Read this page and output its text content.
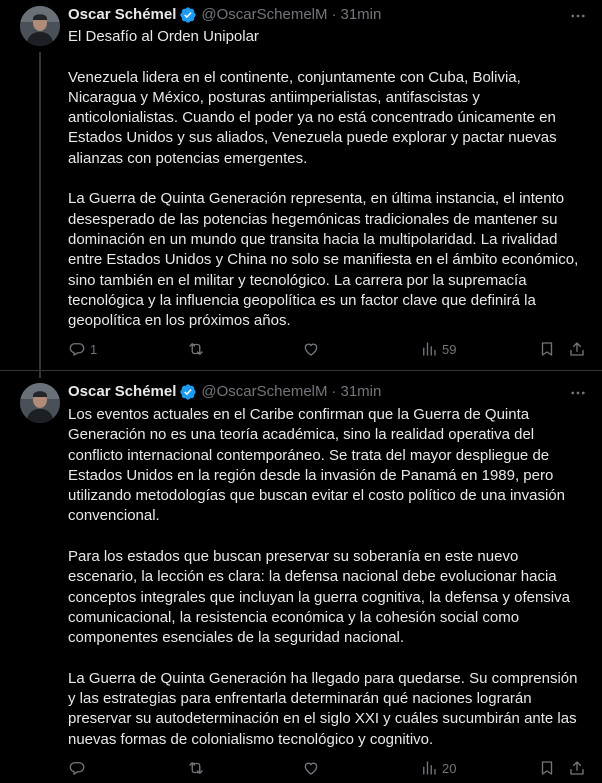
Oscar Schémel @OscarSchemelM · 31min
El Desafío al Orden Unipolar

Venezuela lidera en el continente, conjuntamente con Cuba, Bolivia, Nicaragua y México, posturas antiimperialistas, antifascistas y anticolonialistas. Cuando el poder ya no está concentrado únicamente en Estados Unidos y sus aliados, Venezuela puede explorar y pactar nuevas alianzas con potencias emergentes.

La Guerra de Quinta Generación representa, en última instancia, el intento desesperado de las potencias hegemónicas tradicionales de mantener su dominación en un mundo que transita hacia la multipolaridad. La rivalidad entre Estados Unidos y China no solo se manifiesta en el ámbito económico, sino también en el militar y tecnológico. La carrera por la supremacía tecnológica y la influencia geopolítica es un factor clave que definirá la geopolítica en los próximos años.
1	59
Oscar Schémel @OscarSchemelM · 31min
Los eventos actuales en el Caribe confirman que la Guerra de Quinta Generación no es una teoría académica, sino la realidad operativa del conflicto internacional contemporáneo. Se trata del mayor despliegue de Estados Unidos en la región desde la invasión de Panamá en 1989, pero utilizando metodologías que buscan evitar el costo político de una invasión convencional.

Para los estados que buscan preservar su soberanía en este nuevo escenario, la lección es clara: la defensa nacional debe evolucionar hacia conceptos integrales que incluyan la guerra cognitiva, la defensa y ofensiva comunicacional, la resistencia económica y la cohesión social como componentes esenciales de la seguridad nacional.

La Guerra de Quinta Generación ha llegado para quedarse. Su comprensión y las estrategias para enfrentarla determinarán qué naciones lograrán preservar su autodeterminación en el siglo XXI y cuáles sucumbirán ante las nuevas formas de colonialismo tecnológico y cognitivo.
20
